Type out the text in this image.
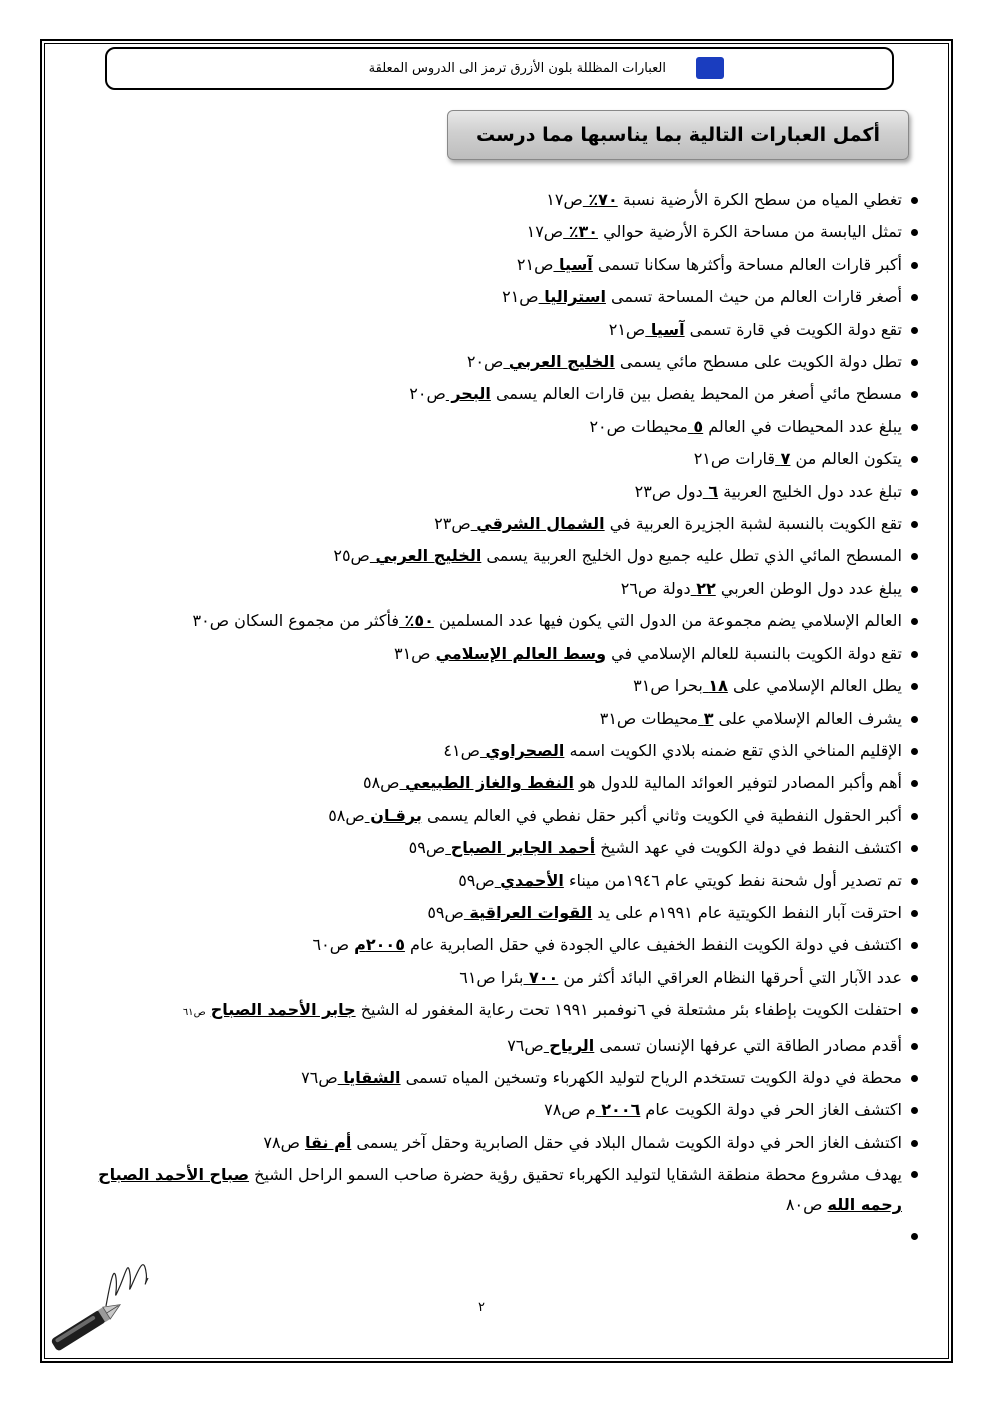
العبارات المظللة بلون الأزرق ترمز الى الدروس المعلقة
أكمل العبارات التالية بما يناسبها مما درست
تغطي المياه من سطح الكرة الأرضية نسبة ٧٠٪ ص١٧
تمثل اليابسة من مساحة الكرة الأرضية حوالي ٣٠٪ ص١٧
أكبر قارات العالم مساحة وأكثرها سكانا تسمى آسيا ص٢١
أصغر قارات العالم من حيث المساحة تسمى استراليا ص٢١
تقع دولة الكويت في قارة تسمى آسيا ص٢١
تطل دولة الكويت على مسطح مائي يسمى الخليج العربي ص٢٠
مسطح مائي أصغر من المحيط يفصل بين قارات العالم يسمى البحر ص٢٠
يبلغ عدد المحيطات في العالم ٥ محيطات ص٢٠
يتكون العالم من ٧ قارات ص٢١
تبلغ عدد دول الخليج العربية ٦ دول ص٢٣
تقع الكويت بالنسبة لشبة الجزيرة العربية في الشمال الشرقي ص٢٣
المسطح المائي الذي تطل عليه جميع دول الخليج العربية يسمى الخليج العربي ص٢٥
يبلغ عدد دول الوطن العربي ٢٢ دولة ص٢٦
العالم الإسلامي يضم مجموعة من الدول التي يكون فيها عدد المسلمين ٥٠٪ فأكثر من مجموع السكان ص٣٠
تقع دولة الكويت بالنسبة للعالم الإسلامي في وسط العالم الإسلامي ص٣١
يطل العالم الإسلامي على ١٨ بحرا ص٣١
يشرف العالم الإسلامي على ٣ محيطات ص٣١
الإقليم المناخي الذي تقع ضمنه بلادي الكويت اسمه الصحراوي ص٤١
أهم وأكبر المصادر لتوفير العوائد المالية للدول هو النفط والغاز الطبيعي ص٥٨
أكبر الحقول النفطية في الكويت وثاني أكبر حقل نفطي في العالم يسمى برقـان ص٥٨
اكتشف النفط في دولة الكويت في عهد الشيخ أحمد الجابر الصباح ص٥٩
تم تصدير أول شحنة نفط كويتي عام ١٩٤٦من ميناء الأحمدي ص٥٩
احترقت آبار النفط الكويتية عام ١٩٩١م على يد القوات العراقية ص٥٩
اكتشف في دولة الكويت النفط الخفيف عالي الجودة في حقل الصابرية عام ٢٠٠٥م ص٦٠
عدد الآبار التي أحرقها النظام العراقي البائد أكثر من ٧٠٠ بئرا ص٦١
احتفلت الكويت بإطفاء بئر مشتعلة في ٦نوفمبر ١٩٩١ تحت رعاية المغفور له الشيخ جابر الأحمد الصباح ص٦١
أقدم مصادر الطاقة التي عرفها الإنسان تسمى الرياح ص٧٦
محطة في دولة الكويت تستخدم الرياح لتوليد الكهرباء وتسخين المياه تسمى الشقايا ص٧٦
اكتشف الغاز الحر في دولة الكويت عام ٢٠٠٦ م ص٧٨
اكتشف الغاز الحر في دولة الكويت شمال البلاد في حقل الصابرية وحقل آخر يسمى أم نقا ص٧٨
يهدف مشروع محطة منطقة الشقايا لتوليد الكهرباء تحقيق رؤية حضرة صاحب السمو الراحل الشيخ صباح الأحمد الصباح رحمه الله ص٨٠
٢
